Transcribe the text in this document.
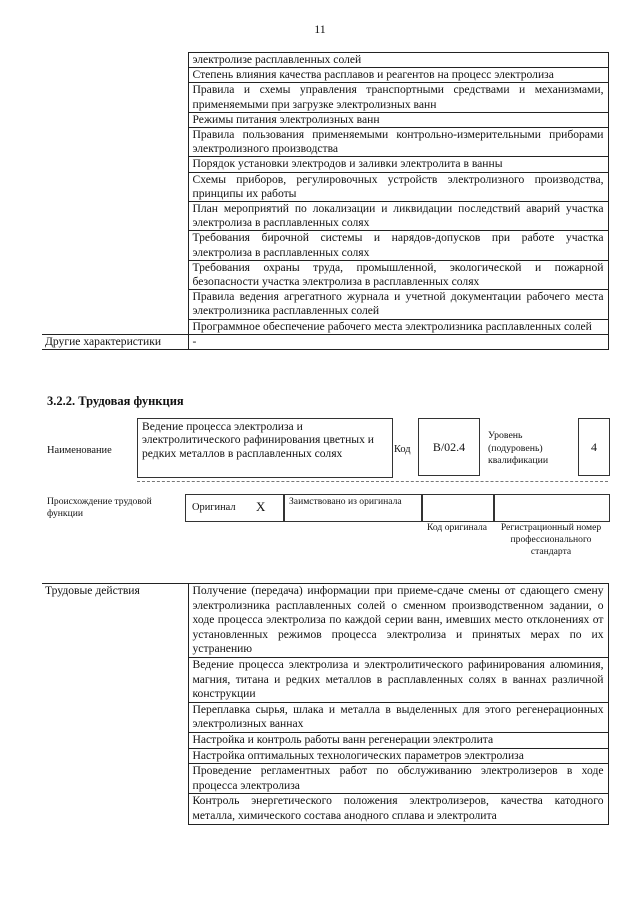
11
	электролизе расплавленных солей
	Степень влияния качества расплавов и реагентов на процесс электролиза
	Правила и схемы управления транспортными средствами и механизмами, применяемыми при загрузке электролизных ванн
	Режимы питания электролизных ванн
	Правила пользования применяемыми контрольно-измерительными приборами электролизного производства
	Порядок установки электродов и заливки электролита в ванны
	Схемы приборов, регулировочных устройств электролизного производства, принципы их работы
	План мероприятий по локализации и ликвидации последствий аварий участка электролиза в расплавленных солях
	Требования бирочной системы и нарядов-допусков при работе участка электролиза в расплавленных солях
	Требования охраны труда, промышленной, экологической и пожарной безопасности участка электролиза в расплавленных солях
	Правила ведения агрегатного журнала и учетной документации рабочего места электролизника расплавленных солей
	Программное обеспечение рабочего места электролизника расплавленных солей
Другие характеристики	-
3.2.2. Трудовая функция
Наименование
Ведение процесса электролиза и электролитического рафинирования цветных и редких металлов в расплавленных солях	Код	В/02.4
Уровень (подуровень) квалификации
4
Происхождение трудовой функции
Оригинал X Заимствовано из оригинала
Код оригинала	Регистрационный номер профессионального стандарта
Трудовые действия	Получение (передача) информации при приеме-сдаче смены от сдающего смену электролизника расплавленных солей о сменном производственном задании, о ходе процесса электролиза по каждой серии ванн, имевших место отклонениях от установленных режимов процесса электролиза и принятых мерах по их устранению
	Ведение процесса электролиза и электролитического рафинирования алюминия, магния, титана и редких металлов в расплавленных солях в ваннах различной конструкции
	Переплавка сырья, шлака и металла в выделенных для этого регенерационных электролизных ваннах
	Настройка и контроль работы ванн регенерации электролита
	Настройка оптимальных технологических параметров электролиза
	Проведение регламентных работ по обслуживанию электролизеров в ходе процесса электролиза
	Контроль энергетического положения электролизеров, качества катодного металла, химического состава анодного сплава и электролита
